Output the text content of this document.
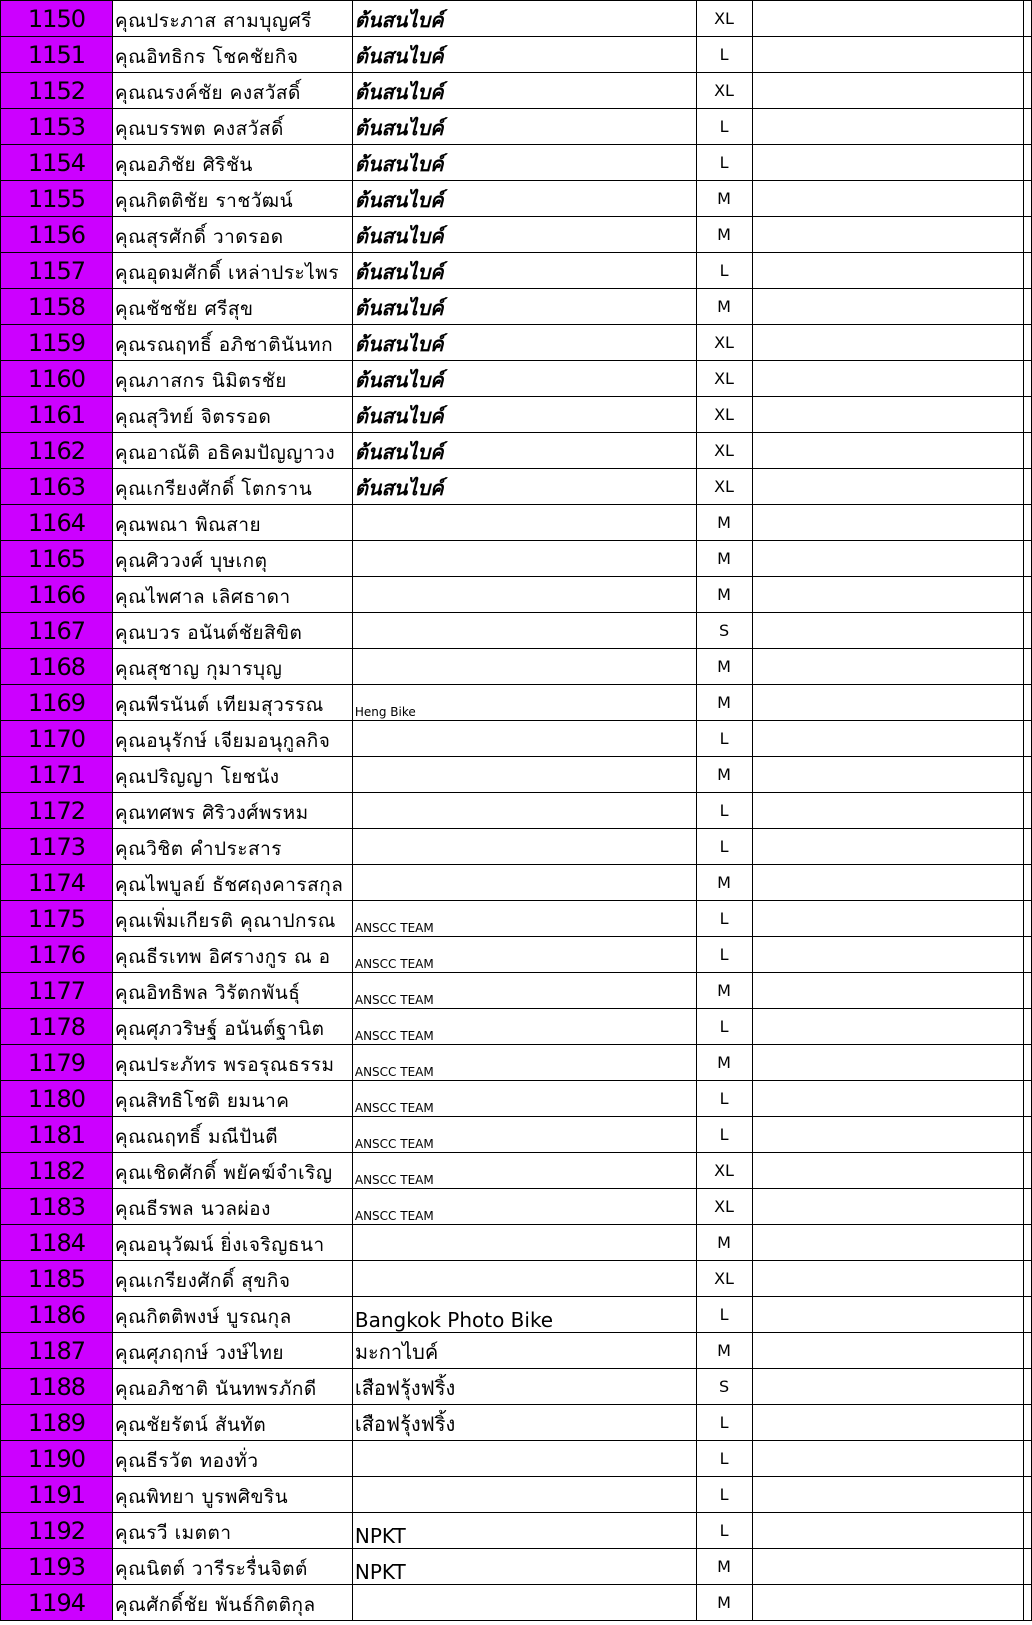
1150	คุณประภาส สามบุญศรี	ต้นสนไบค์	XL		
1151	คุณอิทธิกร โชคชัยกิจ	ต้นสนไบค์	L		
1152	คุณณรงค์ชัย คงสวัสดิ์	ต้นสนไบค์	XL		
1153	คุณบรรพต คงสวัสดิ์	ต้นสนไบค์	L		
1154	คุณอภิชัย ศิริชัน	ต้นสนไบค์	L		
1155	คุณกิตติชัย ราชวัฒน์	ต้นสนไบค์	M		
1156	คุณสุรศักดิ์ วาดรอด	ต้นสนไบค์	M		
1157	คุณอุดมศักดิ์ เหล่าประไพร	ต้นสนไบค์	L		
1158	คุณชัชชัย ศรีสุข	ต้นสนไบค์	M		
1159	คุณรณฤทธิ์ อภิชาตินันทก	ต้นสนไบค์	XL		
1160	คุณภาสกร นิมิตรชัย	ต้นสนไบค์	XL		
1161	คุณสุวิทย์ จิตรรอด	ต้นสนไบค์	XL		
1162	คุณอาณัติ อธิคมปัญญาวง	ต้นสนไบค์	XL		
1163	คุณเกรียงศักดิ์ โตกราน	ต้นสนไบค์	XL		
1164	คุณพณา พิณสาย		M		
1165	คุณศิววงศ์ บุษเกตุ		M		
1166	คุณไพศาล เลิศธาดา		M		
1167	คุณบวร อนันต์ชัยสิขิต		S		
1168	คุณสุชาญ กุมารบุญ		M		
1169	คุณพีรนันต์ เทียมสุวรรณ	Heng Bike	M		
1170	คุณอนุรักษ์ เจียมอนุกูลกิจ		L		
1171	คุณปริญญา โยชนัง		M		
1172	คุณทศพร ศิริวงศ์พรหม		L		
1173	คุณวิชิต คำประสาร		L		
1174	คุณไพบูลย์ ธัชศฤงคารสกุล		M		
1175	คุณเพิ่มเกียรติ คุณาปกรณ	ANSCC TEAM	L		
1176	คุณธีรเทพ อิศรางกูร ณ อ	ANSCC TEAM	L		
1177	คุณอิทธิพล วิรัตกพันธุ์	ANSCC TEAM	M		
1178	คุณศุภวริษฐ์ อนันต์ฐานิต	ANSCC TEAM	L		
1179	คุณประภัทร พรอรุณธรรม	ANSCC TEAM	M		
1180	คุณสิทธิโชติ ยมนาค	ANSCC TEAM	L		
1181	คุณณฤทธิ์ มณีปันตี	ANSCC TEAM	L		
1182	คุณเชิดศักดิ์ พยัคฆ์จำเริญ	ANSCC TEAM	XL		
1183	คุณธีรพล นวลผ่อง	ANSCC TEAM	XL		
1184	คุณอนุวัฒน์ ยิ่งเจริญธนา		M		
1185	คุณเกรียงศักดิ์ สุขกิจ		XL		
1186	คุณกิตติพงษ์ บูรณกุล	Bangkok Photo Bike	L		
1187	คุณศุภฤกษ์ วงษ์ไทย	มะกาไบค์	M		
1188	คุณอภิชาติ นันทพรภักดี	เสือฟรุ้งฟริ้ง	S		
1189	คุณชัยรัตน์ สันทัต	เสือฟรุ้งฟริ้ง	L		
1190	คุณธีรวัต ทองทั่ว		L		
1191	คุณพิทยา บูรพศิขริน		L		
1192	คุณรวี เมตตา	NPKT	L		
1193	คุณนิตต์ วารีระรื่นจิตต์	NPKT	M		
1194	คุณศักดิ์ชัย พันธ์กิตติกุล		M		
